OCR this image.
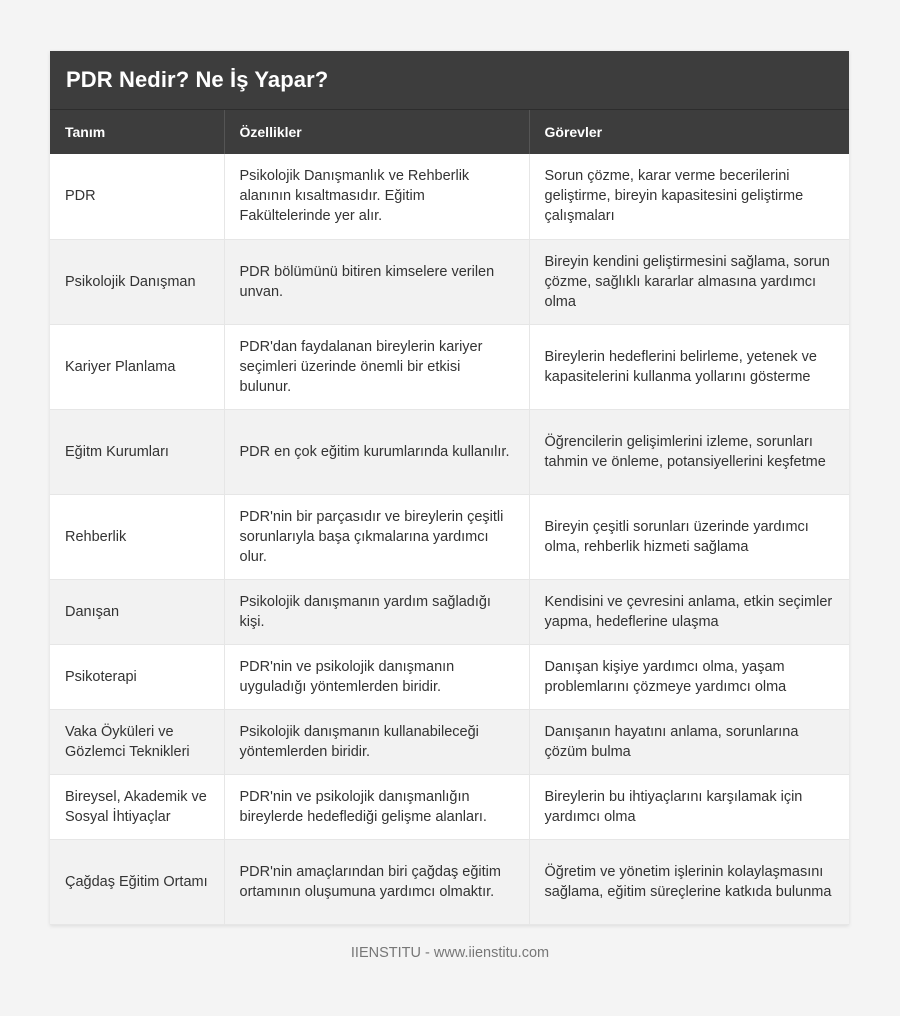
PDR Nedir? Ne İş Yapar?
Tanım	Özellikler	Görevler
PDR	Psikolojik Danışmanlık ve Rehberlik alanının kısaltmasıdır. Eğitim Fakültelerinde yer alır.	Sorun çözme, karar verme becerilerini geliştirme, bireyin kapasitesini geliştirme çalışmaları
Psikolojik Danışman	PDR bölümünü bitiren kimselere verilen unvan.	Bireyin kendini geliştirmesini sağlama, sorun çözme, sağlıklı kararlar almasına yardımcı olma
Kariyer Planlama	PDR'dan faydalanan bireylerin kariyer seçimleri üzerinde önemli bir etkisi bulunur.	Bireylerin hedeflerini belirleme, yetenek ve kapasitelerini kullanma yollarını gösterme
Eğitm Kurumları	PDR en çok eğitim kurumlarında kullanılır.	Öğrencilerin gelişimlerini izleme, sorunları tahmin ve önleme, potansiyellerini keşfetme
Rehberlik	PDR'nin bir parçasıdır ve bireylerin çeşitli sorunlarıyla başa çıkmalarına yardımcı olur.	Bireyin çeşitli sorunları üzerinde yardımcı olma, rehberlik hizmeti sağlama
Danışan	Psikolojik danışmanın yardım sağladığı kişi.	Kendisini ve çevresini anlama, etkin seçimler yapma, hedeflerine ulaşma
Psikoterapi	PDR'nin ve psikolojik danışmanın uyguladığı yöntemlerden biridir.	Danışan kişiye yardımcı olma, yaşam problemlarını çözmeye yardımcı olma
Vaka Öyküleri ve Gözlemci Teknikleri	Psikolojik danışmanın kullanabileceği yöntemlerden biridir.	Danışanın hayatını anlama, sorunlarına çözüm bulma
Bireysel, Akademik ve Sosyal İhtiyaçlar	PDR'nin ve psikolojik danışmanlığın bireylerde hedeflediği gelişme alanları.	Bireylerin bu ihtiyaçlarını karşılamak için yardımcı olma
Çağdaş Eğitim Ortamı	PDR'nin amaçlarından biri çağdaş eğitim ortamının oluşumuna yardımcı olmaktır.	Öğretim ve yönetim işlerinin kolaylaşmasını sağlama, eğitim süreçlerine katkıda bulunma
IIENSTITU - www.iienstitu.com
